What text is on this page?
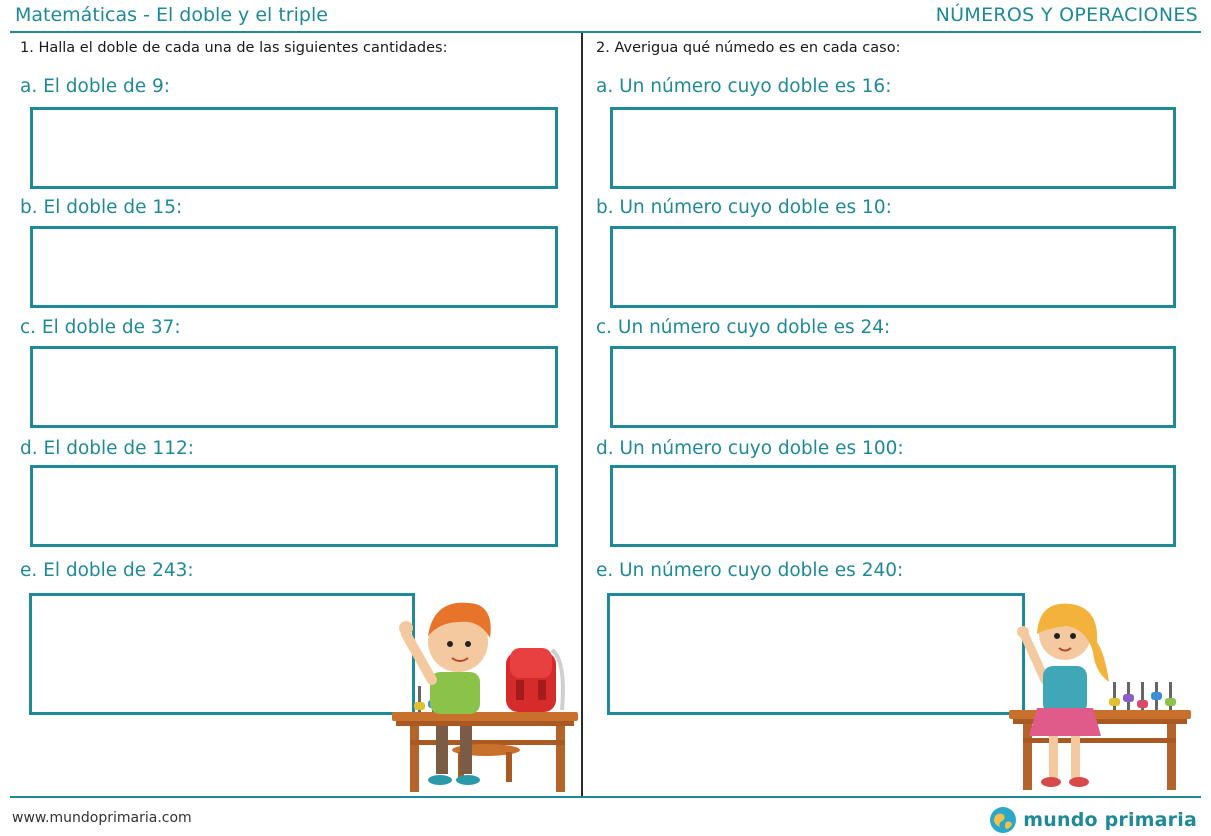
Matemáticas - El doble y el triple	NÚMEROS Y OPERACIONES
1. Halla el doble de cada una de las siguientes cantidades:
a. El doble de 9:
b. El doble de 15:
c. El doble de 37:
d. El doble de 112:
e. El doble de 243:
2. Averigua qué númedo es en cada caso:
a. Un número cuyo doble es 16:
b. Un número cuyo doble es 10:
c. Un número cuyo doble es 24:
d. Un número cuyo doble es 100:
e. Un número cuyo doble es 240:
www.mundoprimaria.com	mundo primaria
